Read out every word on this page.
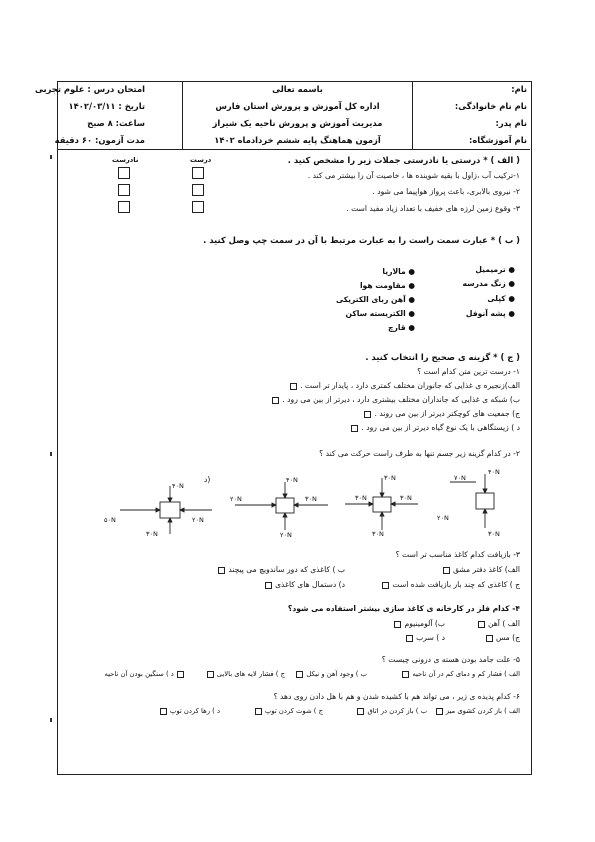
امتحان درس : علوم تجربی
تاریخ : ۱۴۰۲/۰۳/۱۱
ساعت: ۸ صبح
مدت آزمون: ۶۰ دقیقه
باسمه تعالی
اداره کل آموزش و پرورش استان فارس
مدیریت آموزش و پرورش ناحیه یک شیراز
آزمون هماهنگ پایه ششم خردادماه ۱۴۰۲
نام:
نام نام خانوادگی:
نام پدر:
نام آموزشگاه:
( الف ) * درستی یا نادرستی جملات زیر را مشخص کنید .
درست
نادرست
۱-ترکیب آب ،زاول با بقیه شوینده ها ، خاصیت آن را بیشتر می کند .
۲- نیروی بالابری، باعث پرواز هواپیما می شود .
۳- وقوع زمین لرزه های خفیف با تعداد زیاد مفید است .
( ب ) * عبارت سمت راست را به عبارت مرتبط با آن در سمت چپ وصل کنید .
● ترمیمیل
● زنگ مدرسه
● کپلی
● پشه آنوفل
● مالاریا
● مقاومت هوا
● آهن ربای الکتریکی
● الکتریسته ساکن
● قارچ
( ج ) * گزینه ی صحیح را انتخاب کنید .
۱- درست ترین متن کدام است ؟
الف)زنجیره ی غذایی که جانوران مختلف کمتری دارد ، پایدار تر است .
ب) شبکه ی غذایی که جانداران مختلف بیشتری دارد ، دیرتر از بین می رود .
ج) جمعیت های کوچکتر دیرتر از بین می روند .
د ) زیستگاهی با یک نوع گیاه دیرتر از بین می رود .
۲- در کدام گزینه زیر جسم تنها به طرف راست حرکت می کند ؟
۷۰N
۴۰N
۲۰N
۳۰N
۳۰N
۳۰N
۳۰N
۳۰N
۲۰N
۴۰N
۳۰N
۲۰N
۵۰N
۴۰N
۲۰N
۳۰N
د)
۳- بازیافت کدام کاغذ مناسب تر است ؟
الف) کاغذ دفتر مشق
ب ) کاغذی که دور ساندویچ می پیچند
ج ) کاغذی که چند بار بازیافت شده است
د) دستمال های کاغذی
۴- کدام فلز در کارخانه ی کاغذ سازی بیشتر استفاده می شود؟
الف ) آهن
ب) آلومینیوم
ج) مس
د ) سرب
۵- علت جامد بودن هسته ی درونی چیست ؟
الف ) فشار کم و دمای کم در آن ناحیه
ب ) وجود آهن و نیکل
ج ) فشار لایه های بالایی
د ) سنگین بودن آن ناحیه
۶- کدام پدیده ی زیر ، می تواند هم با کشیده شدن و هم با هل دادن روی دهد ؟
الف ) باز کردن کشوی میز
ب ) باز کردن در اتاق
ج ) شوت کردن توپ
د ) رها کردن توپ
